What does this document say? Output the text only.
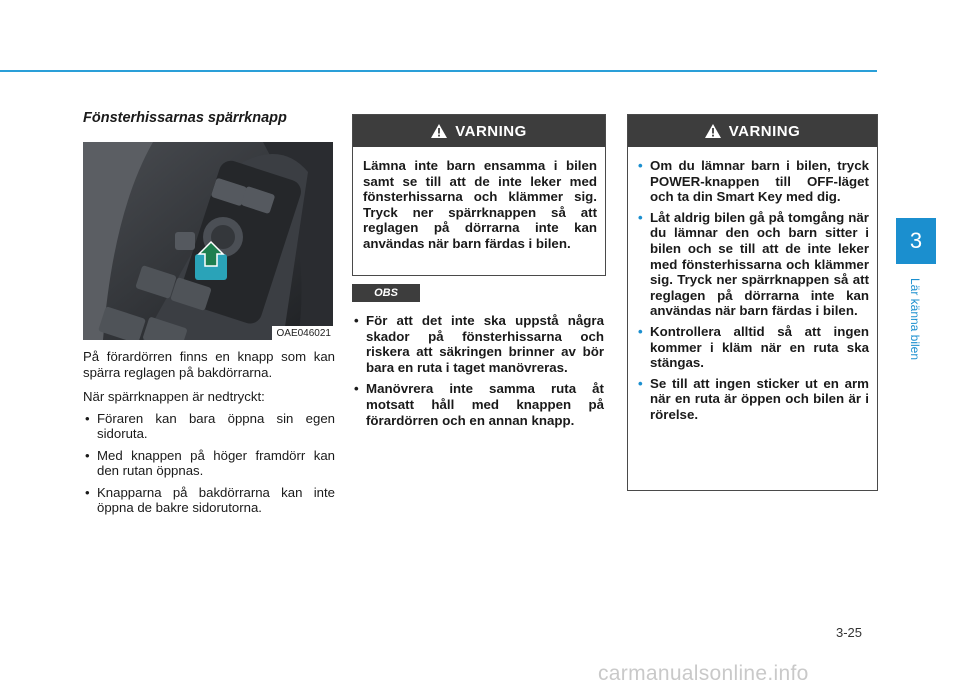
3
Lär känna bilen
Fönsterhissarnas spärrknapp
OAE046021

På förardörren finns en knapp som kan spärra reglagen på bakdörrarna.

När spärrknappen är nedtryckt:

• Föraren kan bara öppna sin egen sidoruta.
• Med knappen på höger framdörr kan den rutan öppnas.
• Knapparna på bakdörrarna kan inte öppna de bakre sidorutorna.
VARNING
Lämna inte barn ensamma i bilen samt se till att de inte leker med fönsterhissarna och klämmer sig. Tryck ner spärrknappen så att reglagen på dörrarna inte kan användas när barn färdas i bilen.
OBS
• För att det inte ska uppstå några skador på fönsterhissarna och riskera att säkringen brinner av bör bara en ruta i taget manövreras.
• Manövrera inte samma ruta åt motsatt håll med knappen på förardörren och en annan knapp.
VARNING
• Om du lämnar barn i bilen, tryck POWER-knappen till OFF-läget och ta din Smart Key med dig.
• Låt aldrig bilen gå på tomgång när du lämnar den och barn sitter i bilen och se till att de inte leker med fönsterhissarna och klämmer sig. Tryck ner spärrknappen så att reglagen på dörrarna inte kan användas när barn färdas i bilen.
• Kontrollera alltid så att ingen kommer i kläm när en ruta ska stängas.
• Se till att ingen sticker ut en arm när en ruta är öppen och bilen är i rörelse.
3-25
carmanualsonline.info
